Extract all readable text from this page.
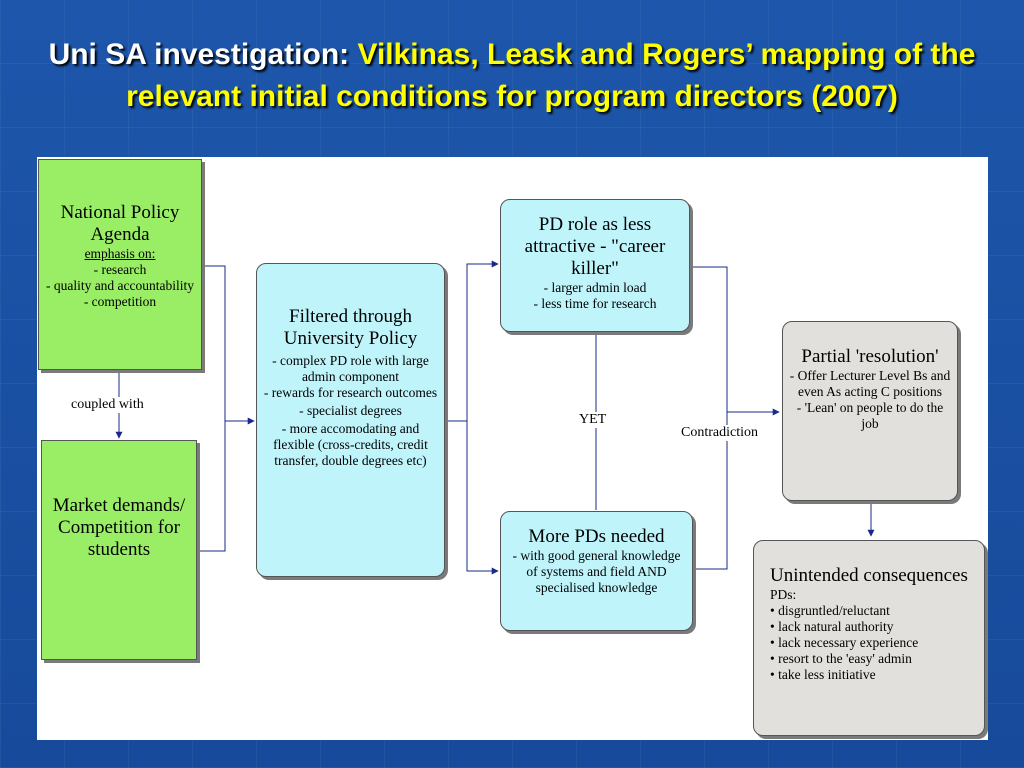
Uni SA investigation: Vilkinas, Leask and Rogers’ mapping of the relevant initial conditions for program directors (2007)
National Policy Agenda
emphasis on:
- research
- quality and accountability
- competition
coupled with
Market demands/ Competition for students
Filtered through University Policy
- complex PD role with large admin component
- rewards for research outcomes
- specialist degrees
- more accomodating and flexible (cross-credits, credit transfer, double degrees etc)
PD role as less attractive - "career killer"
- larger admin load
- less time for research
YET
More PDs needed
- with good general knowledge of systems and field AND specialised knowledge
Contradiction
Partial 'resolution'
- Offer Lecturer Level Bs and even As acting C positions
- 'Lean' on people to do the job
Unintended consequences
PDs:
• disgruntled/reluctant
• lack natural authority
• lack necessary experience
• resort to the 'easy' admin
• take less initiative
